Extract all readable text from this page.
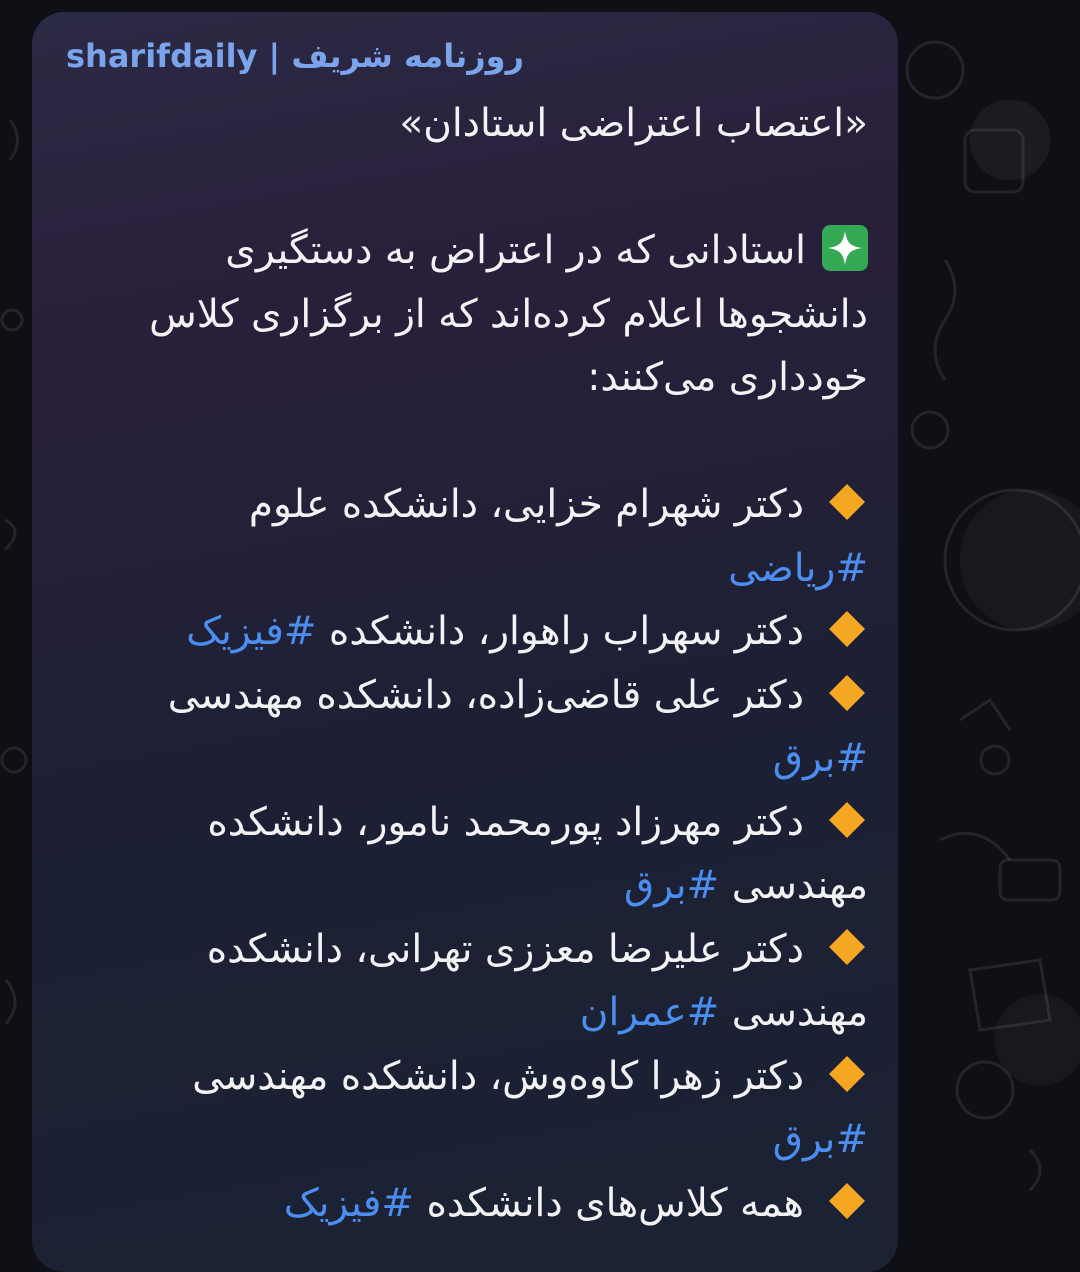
sharifdaily | روزنامه شریف
«اعتصاب اعتراضی استادان»
استادانی که در اعتراض به دستگیری
دانشجوها اعلام کرده‌اند که از برگزاری کلاس
خودداری می‌کنند:
دکتر شهرام خزایی، دانشکده علوم
#ریاضی
دکتر سهراب راهوار، دانشکده #فیزیک
دکتر علی قاضی‌زاده، دانشکده مهندسی
#برق
دکتر مهرزاد پورمحمد نامور، دانشکده
مهندسی #برق
دکتر علیرضا معززی تهرانی، دانشکده
مهندسی #عمران
دکتر زهرا کاوه‌وش، دانشکده مهندسی
#برق
همه کلاس‌های دانشکده #فیزیک
